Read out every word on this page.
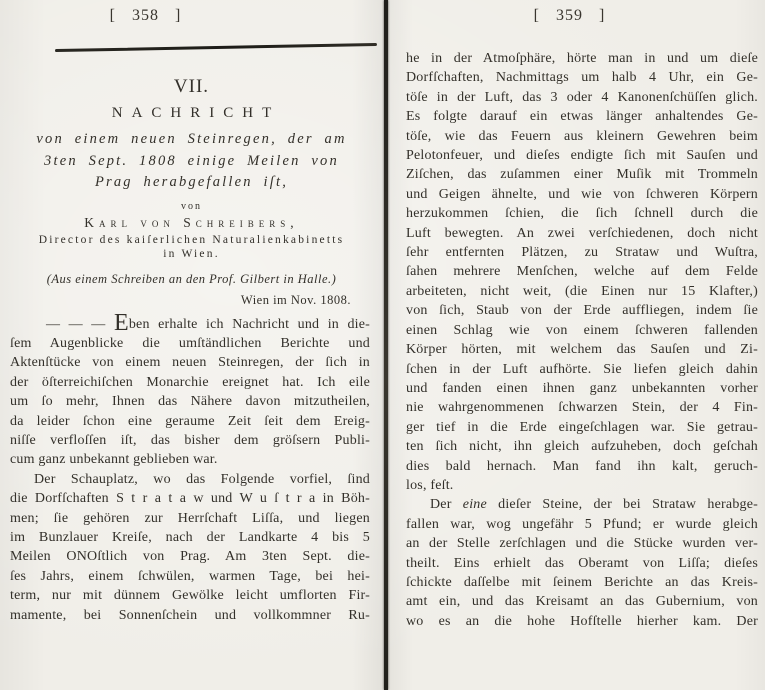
[ 358 ]
VII.
NACHRICHT
von einem neuen Steinregen, der am
3ten Sept. 1808 einige Meilen von
Prag herabgefallen iſt,
von
Karl von Schreibers,
Director des kaiſerlichen Naturalienkabinetts
in Wien.
(Aus einem Schreiben an den Prof. Gilbert in Halle.)
Wien im Nov. 1808.
— — — Eben erhalte ich Nachricht und in die-
ſem Augenblicke die umſtändlichen Berichte und
Aktenſtücke von einem neuen Steinregen, der ſich in
der öſterreichiſchen Monarchie ereignet hat. Ich eile
um ſo mehr, Ihnen das Nähere davon mitzutheilen,
da leider ſchon eine geraume Zeit ſeit dem Ereig-
niſſe verfloſſen iſt, das bisher dem gröſsern Publi-
cum ganz unbekannt geblieben war.
Der Schauplatz, wo das Folgende vorfiel, ſind
die Dorfſchaften S t r a t a w und W u ſ t r a in Böh-
men; ſie gehören zur Herrſchaft Liſſa, und liegen
im Bunzlauer Kreiſe, nach der Landkarte 4 bis 5
Meilen ONOſtlich von Prag. Am 3ten Sept. die-
ſes Jahrs, einem ſchwülen, warmen Tage, bei hei-
term, nur mit dünnem Gewölke leicht umflorten Fir-
mamente, bei Sonnenſchein und vollkommner Ru-
[ 359 ]
he in der Atmoſphäre, hörte man in und um dieſe
Dorfſchaften, Nachmittags um halb 4 Uhr, ein Ge-
töſe in der Luft, das 3 oder 4 Kanonenſchüſſen glich.
Es folgte darauf ein etwas länger anhaltendes Ge-
töſe, wie das Feuern aus kleinern Gewehren beim
Pelotonfeuer, und dieſes endigte ſich mit Sauſen und
Ziſchen, das zuſammen einer Muſik mit Trommeln
und Geigen ähnelte, und wie von ſchweren Körpern
herzukommen ſchien, die ſich ſchnell durch die
Luft bewegten. An zwei verſchiedenen, doch nicht
ſehr entfernten Plätzen, zu Strataw und Wuſtra,
ſahen mehrere Menſchen, welche auf dem Felde
arbeiteten, nicht weit, (die Einen nur 15 Klafter,)
von ſich, Staub von der Erde auffliegen, indem ſie
einen Schlag wie von einem ſchweren fallenden
Körper hörten, mit welchem das Sauſen und Zi-
ſchen in der Luft aufhörte. Sie liefen gleich dahin
und fanden einen ihnen ganz unbekannten vorher
nie wahrgenommenen ſchwarzen Stein, der 4 Fin-
ger tief in die Erde eingeſchlagen war. Sie getrau-
ten ſich nicht, ihn gleich aufzuheben, doch geſchah
dies bald hernach. Man fand ihn kalt, geruch-
los, feſt.
Der eine dieſer Steine, der bei Strataw herabge-
fallen war, wog ungefähr 5 Pfund; er wurde gleich
an der Stelle zerſchlagen und die Stücke wurden ver-
theilt. Eins erhielt das Oberamt von Liſſa; dieſes
ſchickte daſſelbe mit ſeinem Berichte an das Kreis-
amt ein, und das Kreisamt an das Gubernium, von
wo es an die hohe Hofſtelle hierher kam. Der
